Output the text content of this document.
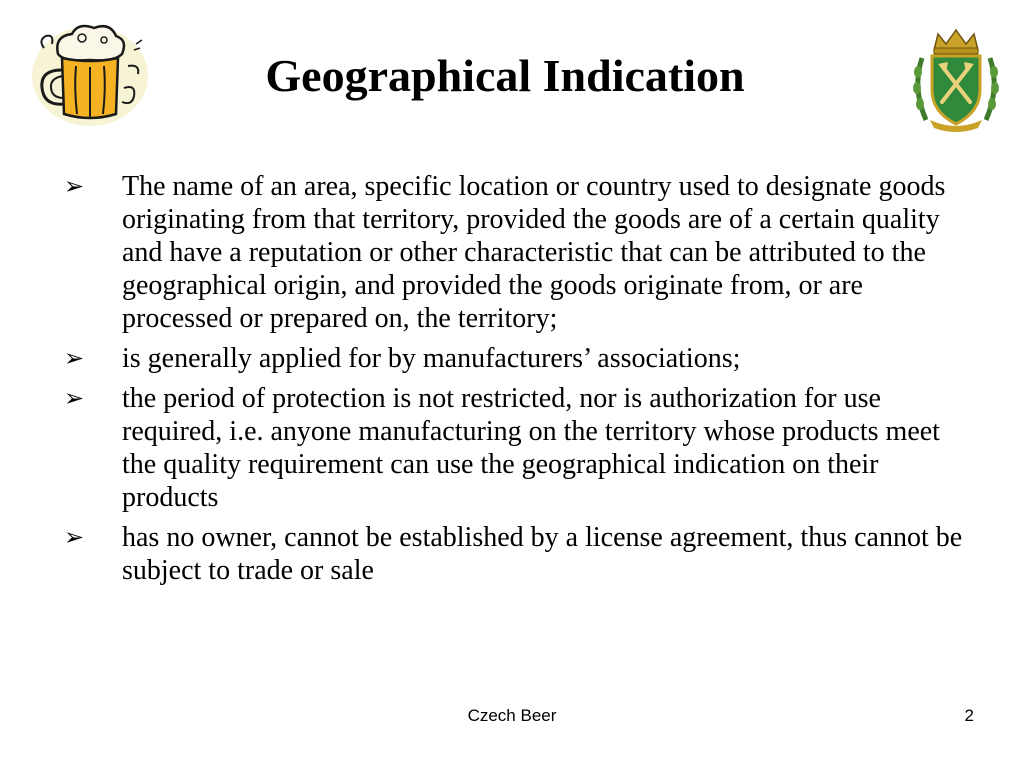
Geographical Indication
➢ The name of an area, specific location or country used to designate goods originating from that territory, provided the goods are of a certain quality and have a reputation or other characteristic that can be attributed to the geographical origin, and provided the goods originate from, or are processed or prepared on, the territory;
➢ is generally applied for by manufacturers’ associations;
➢ the period of protection is not restricted, nor is authorization for use required, i.e. anyone manufacturing on the territory whose products meet the quality requirement can use the geographical indication on their products
➢ has no owner, cannot be established by a license agreement, thus cannot be subject to trade or sale
Czech Beer	2
